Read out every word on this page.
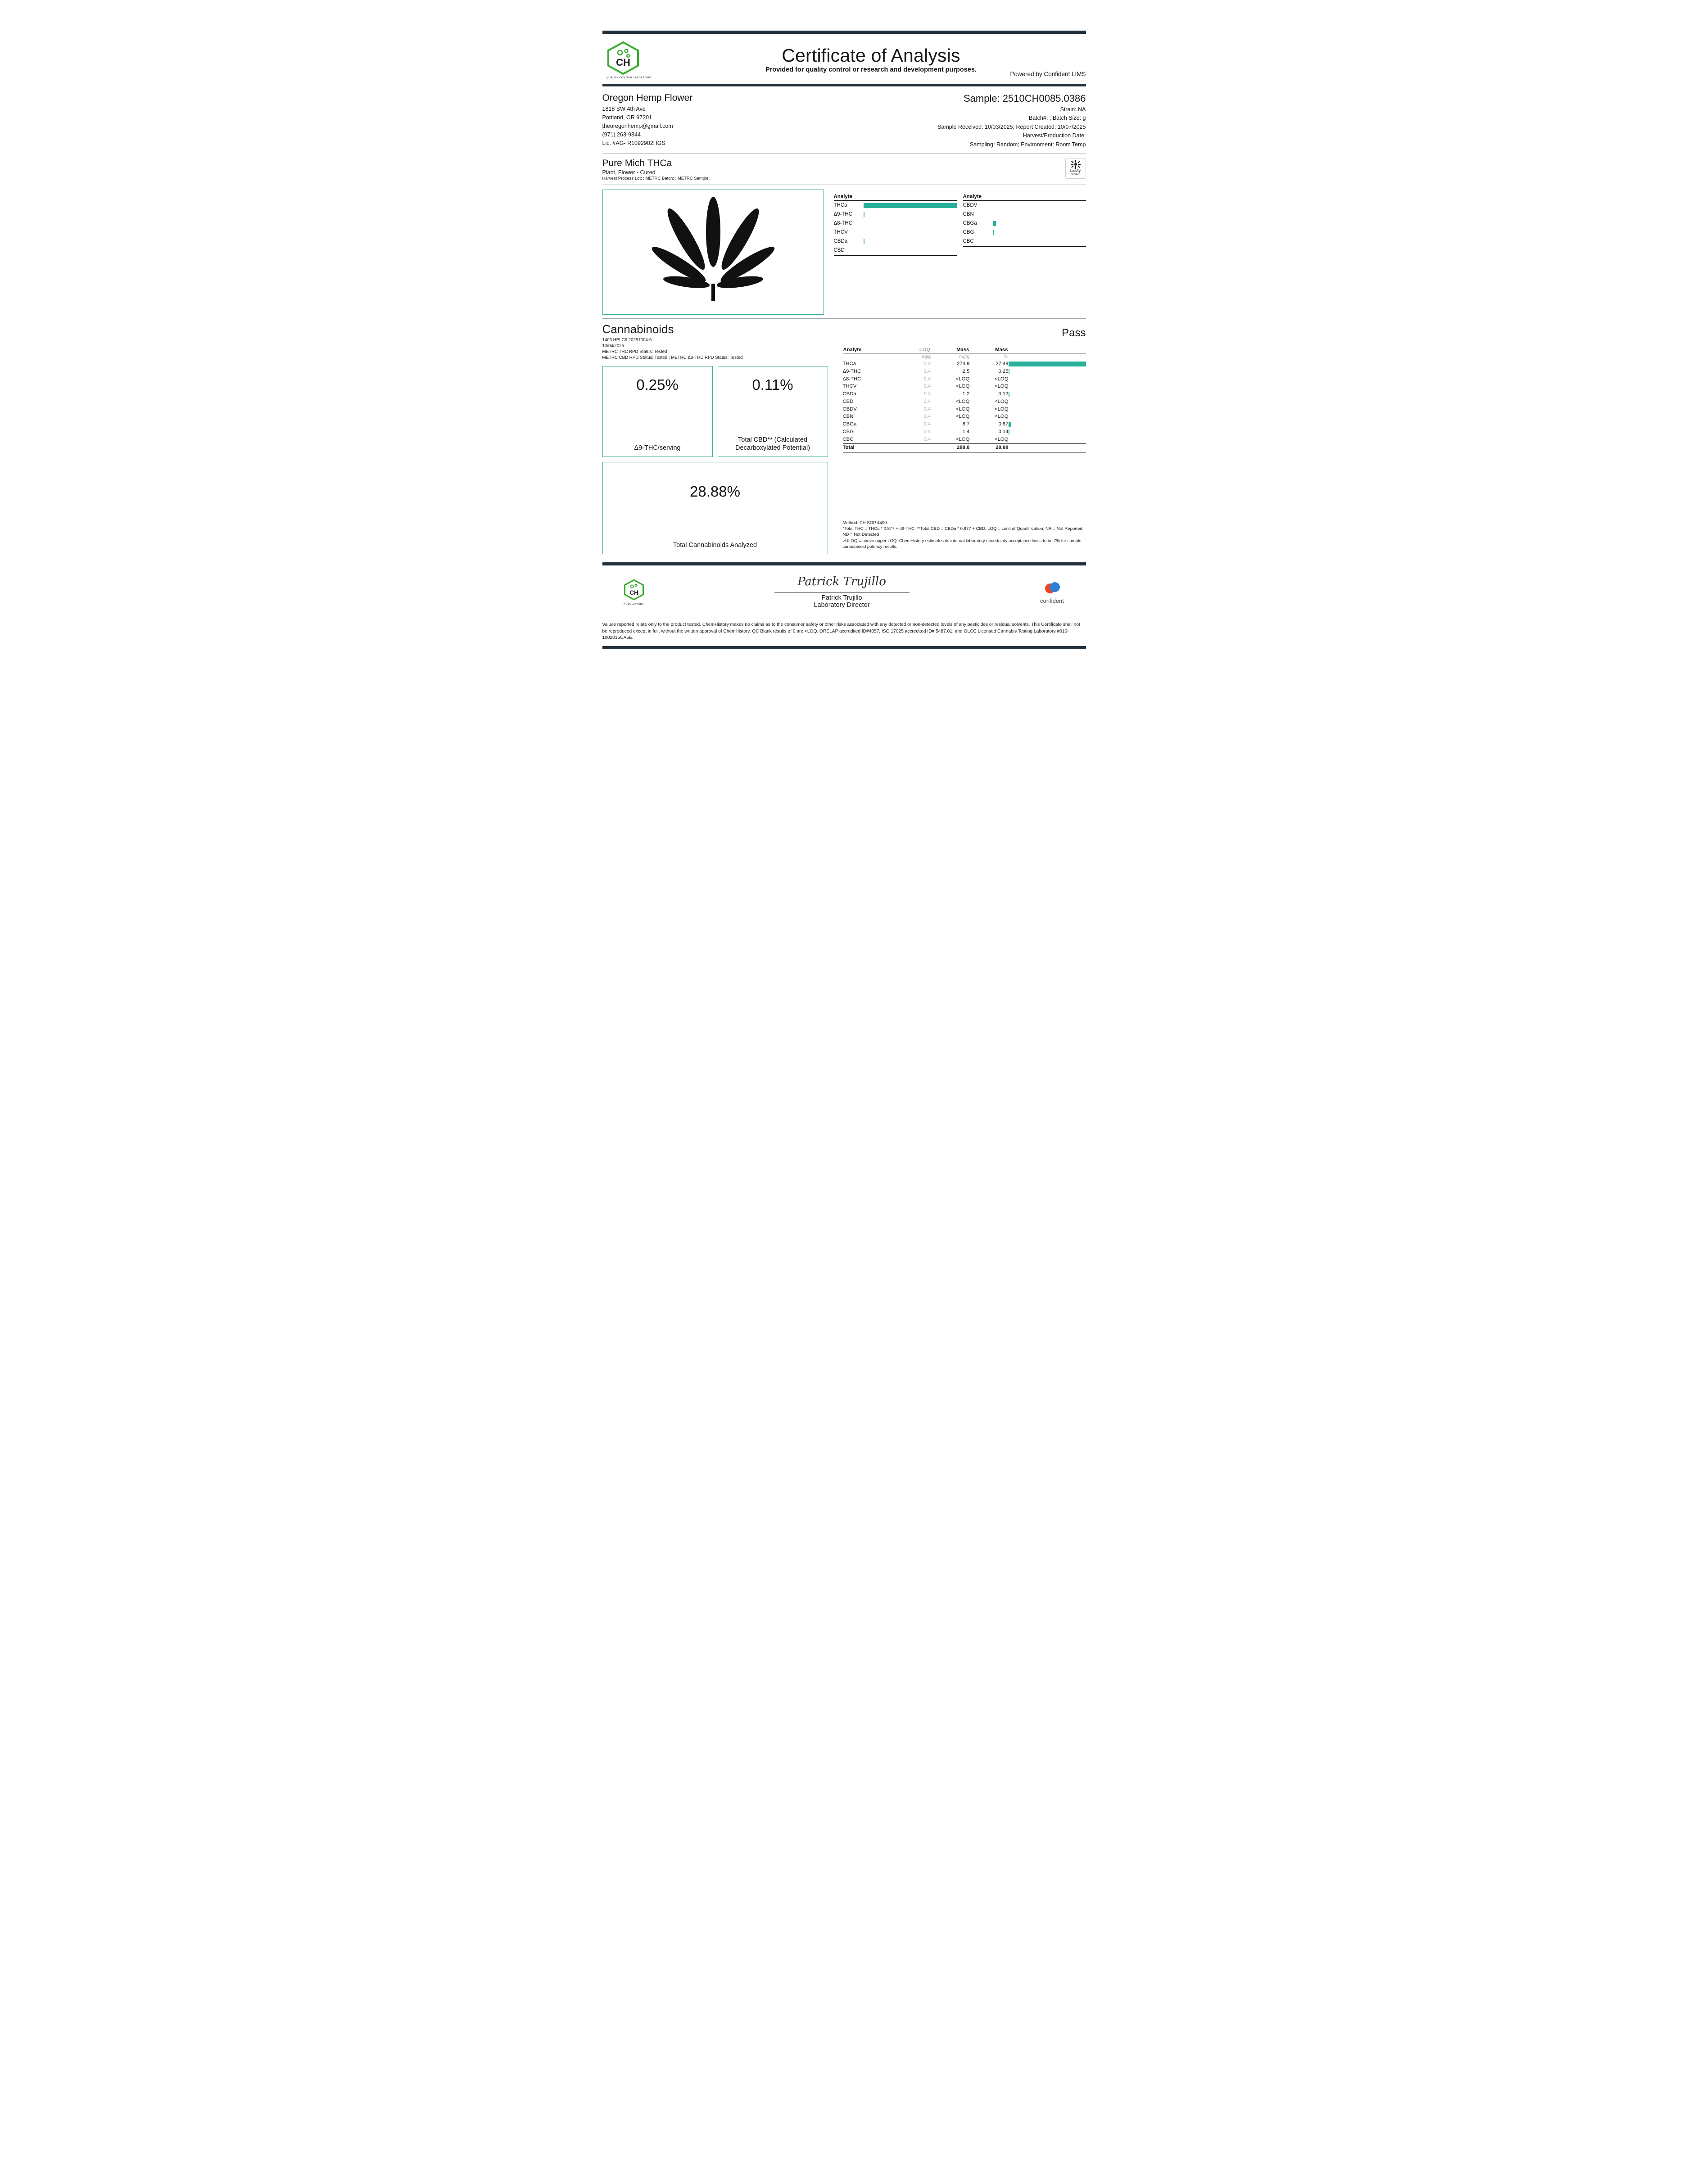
CH
QUALITY CONTROL LABORATORY
Certificate of Analysis
Provided for quality control or research and development purposes.
Powered by Confident LIMS
Oregon Hemp Flower
1818 SW 4th Ave
Portland, OR 97201
theoregonhemp@gmail.com
(971) 263-9844
Lic. #AG- R1092902HGS
Sample: 2510CH0085.0386
Strain: NA
Batch#: ; Batch Size: g
Sample Received: 10/03/2025; Report Created: 10/07/2025
Harvest/Production Date:
Sampling: Random; Environment: Room Temp
Pure Mich THCa
Plant, Flower - Cured
Harvest Process Lot: ; METRC Batch: ; METRC Sample:
Leafly
certified
Analyte
THCa
Δ9-THC
Δ8-THC
THCV
CBDa
CBD
Analyte
CBDV
CBN
CBGa
CBG
CBC
Cannabinoids
1403 HPLC6 20251004-6
10/04/2025
METRC THC RPD Status: Tested ;
METRC CBD RPD Status: Tested ; METRC Δ8-THC RPD Status: Tested
0.25%
Δ9-THC/serving
0.11%
Total CBD** (Calculated Decarboxylated Potential)
28.88%
Total Cannabinoids Analyzed
Pass
Analyte	LOQ	Mass	Mass	
	mg/g	mg/g	%	
THCa	0.4	274.9	27.49	

Δ9-THC	0.4	2.5	0.25	

Δ8-THC	0.4	<LOQ	<LOQ	

THCV	0.4	<LOQ	<LOQ	

CBDa	0.4	1.2	0.12	

CBD	0.4	<LOQ	<LOQ	

CBDV	0.4	<LOQ	<LOQ	

CBN	0.4	<LOQ	<LOQ	

CBGa	0.4	8.7	0.87	

CBG	0.4	1.4	0.14	

CBC	0.4	<LOQ	<LOQ	

Total		288.8	28.88	
Method: CH SOP 4400
*Total THC = THCa * 0.877 + d9-THC. **Total CBD = CBDa * 0.877 + CBD. LOQ = Limit of Quantification; NR = Not Reported; ND = Not Detected
>ULOQ = above upper LOQ. ChemHistory estimates its internal laboratory uncertainty acceptance limits to be 7% for sample cannabinoid potency results.
CH
CHEMHISTORY
Patrick Trujillo
Patrick Trujillo
Laboratory Director
confident
Values reported relate only to the product tested. ChemHistory makes no claims as to the consumer safety or other risks associated with any detected or non-detected levels of any pesticides or residual solvents. This Certificate shall not be reproduced except in full, without the written approval of ChemHistory. QC Blank results of 0 are <LOQ. ORELAP accredited ID#4057, ISO 17025 accredited ID# 5487.01, and OLCC Licensed Cannabis Testing Laboratory #010-1002015CA5E.
